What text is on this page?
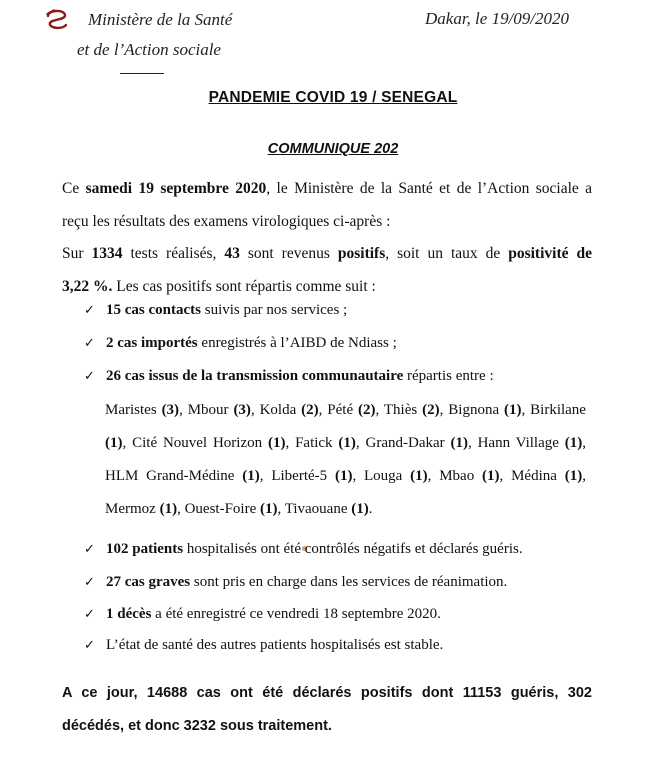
Ministère de la Santé
et de l’Action sociale
Dakar, le 19/09/2020
PANDEMIE COVID 19 / SENEGAL
COMMUNIQUE 202
Ce samedi 19 septembre 2020, le Ministère de la Santé et de l’Action sociale a
reçu les résultats des examens virologiques ci-après :
Sur 1334 tests réalisés, 43 sont revenus positifs, soit un taux de positivité de
3,22 %. Les cas positifs sont répartis comme suit :
✓ 15 cas contacts suivis par nos services ;
✓ 2 cas importés enregistrés à l’AIBD de Ndiass ;
✓ 26 cas issus de la transmission communautaire répartis entre :
Maristes (3), Mbour (3), Kolda (2), Pété (2), Thiès (2), Bignona (1), Birkilane
(1), Cité Nouvel Horizon (1), Fatick (1), Grand-Dakar (1), Hann Village (1),
HLM Grand-Médine (1), Liberté-5 (1), Louga (1), Mbao (1), Médina (1),
Mermoz (1), Ouest-Foire (1), Tivaouane (1).
✓ 102 patients hospitalisés ont été contrôlés négatifs et déclarés guéris.
✓ 27 cas graves sont pris en charge dans les services de réanimation.
✓ 1 décès a été enregistré ce vendredi 18 septembre 2020.
✓ L’état de santé des autres patients hospitalisés est stable.
A ce jour, 14688 cas ont été déclarés positifs dont 11153 guéris, 302
décédés, et donc 3232 sous traitement.
